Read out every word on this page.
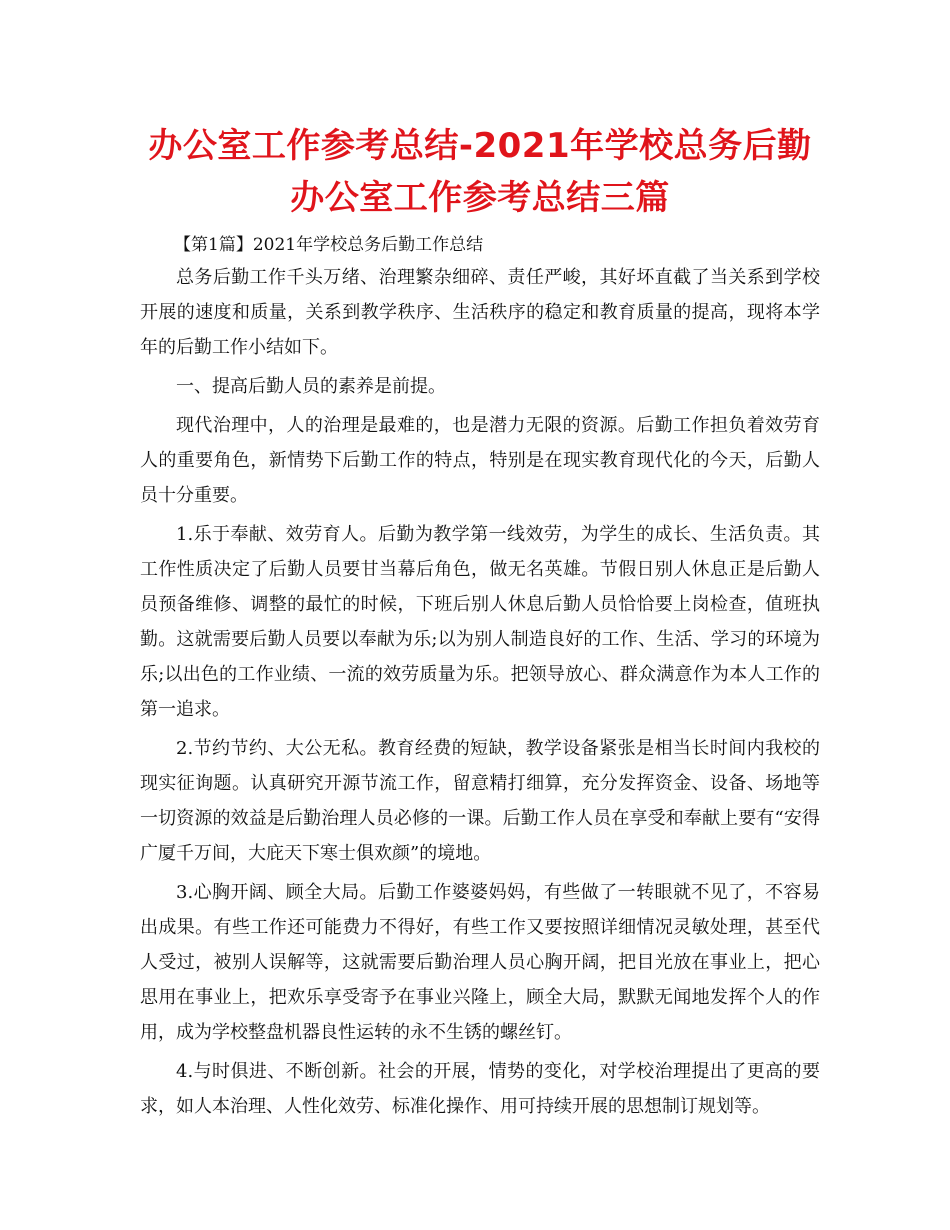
办公室工作参考总结-2021年学校总务后勤办公室工作参考总结三篇

【第1篇】2021年学校总务后勤工作总结

总务后勤工作千头万绪、治理繁杂细碎、责任严峻，其好坏直截了当关系到学校开展的速度和质量，关系到教学秩序、生活秩序的稳定和教育质量的提高，现将本学年的后勤工作小结如下。

一、提高后勤人员的素养是前提。

现代治理中，人的治理是最难的，也是潜力无限的资源。后勤工作担负着效劳育人的重要角色，新情势下后勤工作的特点，特别是在现实教育现代化的今天，后勤人员十分重要。

1.乐于奉献、效劳育人。后勤为教学第一线效劳，为学生的成长、生活负责。其工作性质决定了后勤人员要甘当幕后角色，做无名英雄。节假日别人休息正是后勤人员预备维修、调整的最忙的时候，下班后别人休息后勤人员恰恰要上岗检查，值班执勤。这就需要后勤人员要以奉献为乐;以为别人制造良好的工作、生活、学习的环境为乐;以出色的工作业绩、一流的效劳质量为乐。把领导放心、群众满意作为本人工作的第一追求。

2.节约节约、大公无私。教育经费的短缺，教学设备紧张是相当长时间内我校的现实征询题。认真研究开源节流工作，留意精打细算，充分发挥资金、设备、场地等一切资源的效益是后勤治理人员必修的一课。后勤工作人员在享受和奉献上要有“安得广厦千万间，大庇天下寒士俱欢颜”的境地。

3.心胸开阔、顾全大局。后勤工作婆婆妈妈，有些做了一转眼就不见了，不容易出成果。有些工作还可能费力不得好，有些工作又要按照详细情况灵敏处理，甚至代人受过，被别人误解等，这就需要后勤治理人员心胸开阔，把目光放在事业上，把心思用在事业上，把欢乐享受寄予在事业兴隆上，顾全大局，默默无闻地发挥个人的作用，成为学校整盘机器良性运转的永不生锈的螺丝钉。

4.与时俱进、不断创新。社会的开展，情势的变化，对学校治理提出了更高的要求，如人本治理、人性化效劳、标准化操作、用可持续开展的思想制订规划等。
